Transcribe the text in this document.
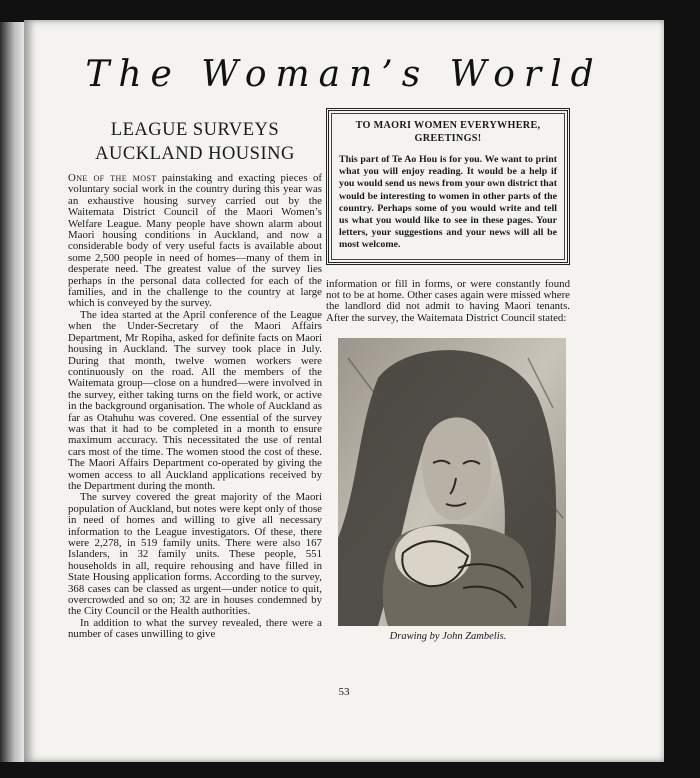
The Woman’s World
LEAGUE SURVEYS
AUCKLAND HOUSING

One of the most painstaking and exacting pieces of voluntary social work in the country during this year was an exhaustive housing survey carried out by the Waitemata District Council of the Maori Women’s Welfare League. Many people have shown alarm about Maori housing conditions in Auckland, and now a considerable body of very useful facts is available about some 2,500 people in need of homes—many of them in desperate need. The greatest value of the survey lies perhaps in the personal data collected for each of the families, and in the challenge to the country at large which is conveyed by the survey.

The idea started at the April conference of the League when the Under-Secretary of the Maori Affairs Department, Mr Ropiha, asked for definite facts on Maori housing in Auckland. The survey took place in July. During that month, twelve women workers were continuously on the road. All the members of the Waitemata group—close on a hundred—were involved in the survey, either taking turns on the field work, or active in the background organisation. The whole of Auckland as far as Otahuhu was covered. One essential of the survey was that it had to be completed in a month to ensure maximum accuracy. This necessitated the use of rental cars most of the time. The women stood the cost of these. The Maori Affairs Department co-operated by giving the women access to all Auckland applications received by the Department during the month.

The survey covered the great majority of the Maori population of Auckland, but notes were kept only of those in need of homes and willing to give all necessary information to the League investigators. Of these, there were 2,278, in 519 family units. There were also 167 Islanders, in 32 family units. These people, 551 households in all, require rehousing and have filled in State Housing application forms. According to the survey, 368 cases can be classed as urgent—under notice to quit, overcrowded and so on; 32 are in houses condemned by the City Council or the Health authorities.

In addition to what the survey revealed, there were a number of cases unwilling to give

TO MAORI WOMEN EVERYWHERE,
GREETINGS!

This part of Te Ao Hou is for you. We want to print what you will enjoy reading. It would be a help if you would send us news from your own district that would be interesting to women in other parts of the country. Perhaps some of you would write and tell us what you would like to see in these pages. Your letters, your suggestions and your news will all be most welcome.

information or fill in forms, or were constantly found not to be at home. Other cases again were missed where the landlord did not admit to having Maori tenants. After the survey, the Waitemata District Council stated:

Drawing by John Zambelis.
53
